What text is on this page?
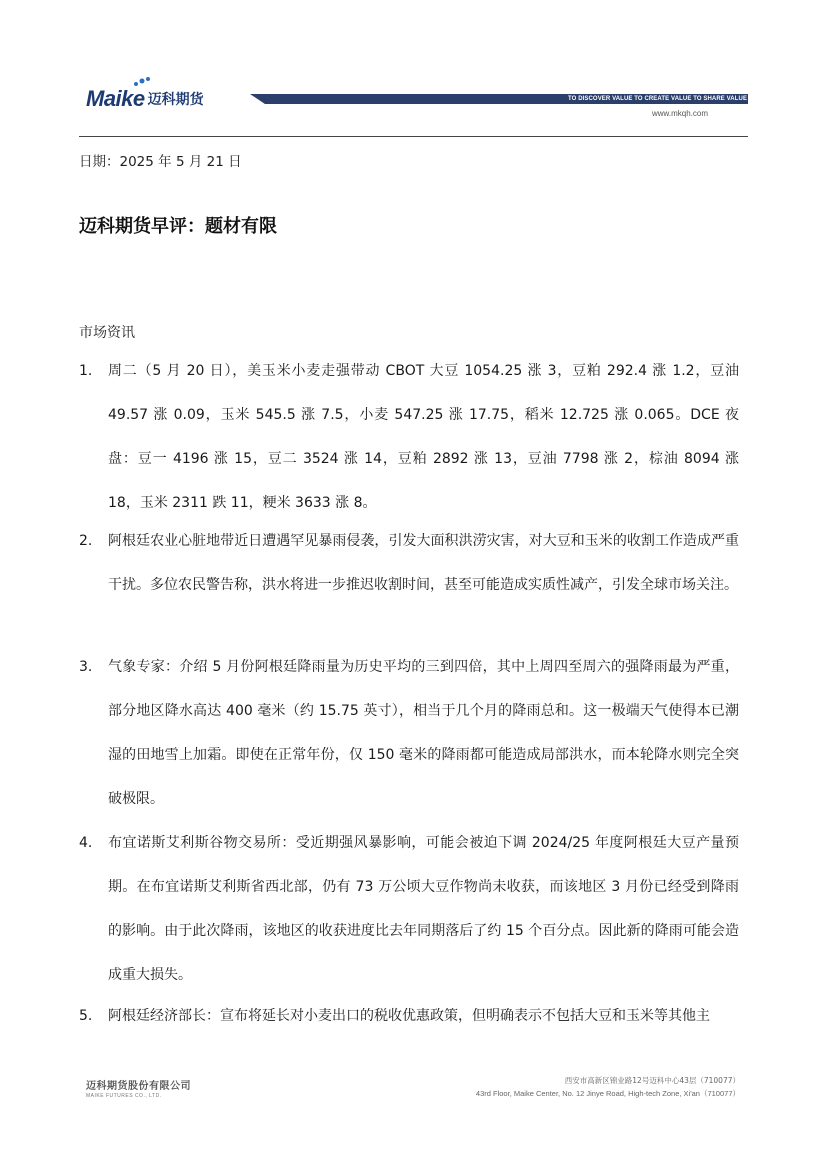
Maike 迈科期货	TO DISCOVER VALUE TO CREATE VALUE TO SHARE VALUE
www.mkqh.com
日期：2025 年 5 月 21 日
迈科期货早评：题材有限
市场资讯
1. 周二（5 月 20 日），美玉米小麦走强带动 CBOT 大豆 1054.25 涨 3，豆粕 292.4 涨 1.2，豆油 49.57 涨 0.09，玉米 545.5 涨 7.5，小麦 547.25 涨 17.75，稻米 12.725 涨 0.065。DCE 夜盘：豆一 4196 涨 15，豆二 3524 涨 14，豆粕 2892 涨 13，豆油 7798 涨 2，棕油 8094 涨 18，玉米 2311 跌 11，粳米 3633 涨 8。
2. 阿根廷农业心脏地带近日遭遇罕见暴雨侵袭，引发大面积洪涝灾害，对大豆和玉米的收割工作造成严重干扰。多位农民警告称，洪水将进一步推迟收割时间，甚至可能造成实质性减产，引发全球市场关注。
3. 气象专家：介绍 5 月份阿根廷降雨量为历史平均的三到四倍，其中上周四至周六的强降雨最为严重，部分地区降水高达 400 毫米（约 15.75 英寸），相当于几个月的降雨总和。这一极端天气使得本已潮湿的田地雪上加霜。即使在正常年份，仅 150 毫米的降雨都可能造成局部洪水，而本轮降水则完全突破极限。
4. 布宜诺斯艾利斯谷物交易所：受近期强风暴影响，可能会被迫下调 2024/25 年度阿根廷大豆产量预期。在布宜诺斯艾利斯省西北部，仍有 73 万公顷大豆作物尚未收获，而该地区 3 月份已经受到降雨的影响。由于此次降雨，该地区的收获进度比去年同期落后了约 15 个百分点。因此新的降雨可能会造成重大损失。
5. 阿根廷经济部长：宣布将延长对小麦出口的税收优惠政策，但明确表示不包括大豆和玉米等其他主
迈科期货股份有限公司
MAIKE FUTURES CO., LTD.
西安市高新区锦业路12号迈科中心43层（710077）
43rd Floor, Maike Center, No. 12 Jinye Road, High-tech Zone, Xi'an（710077）
